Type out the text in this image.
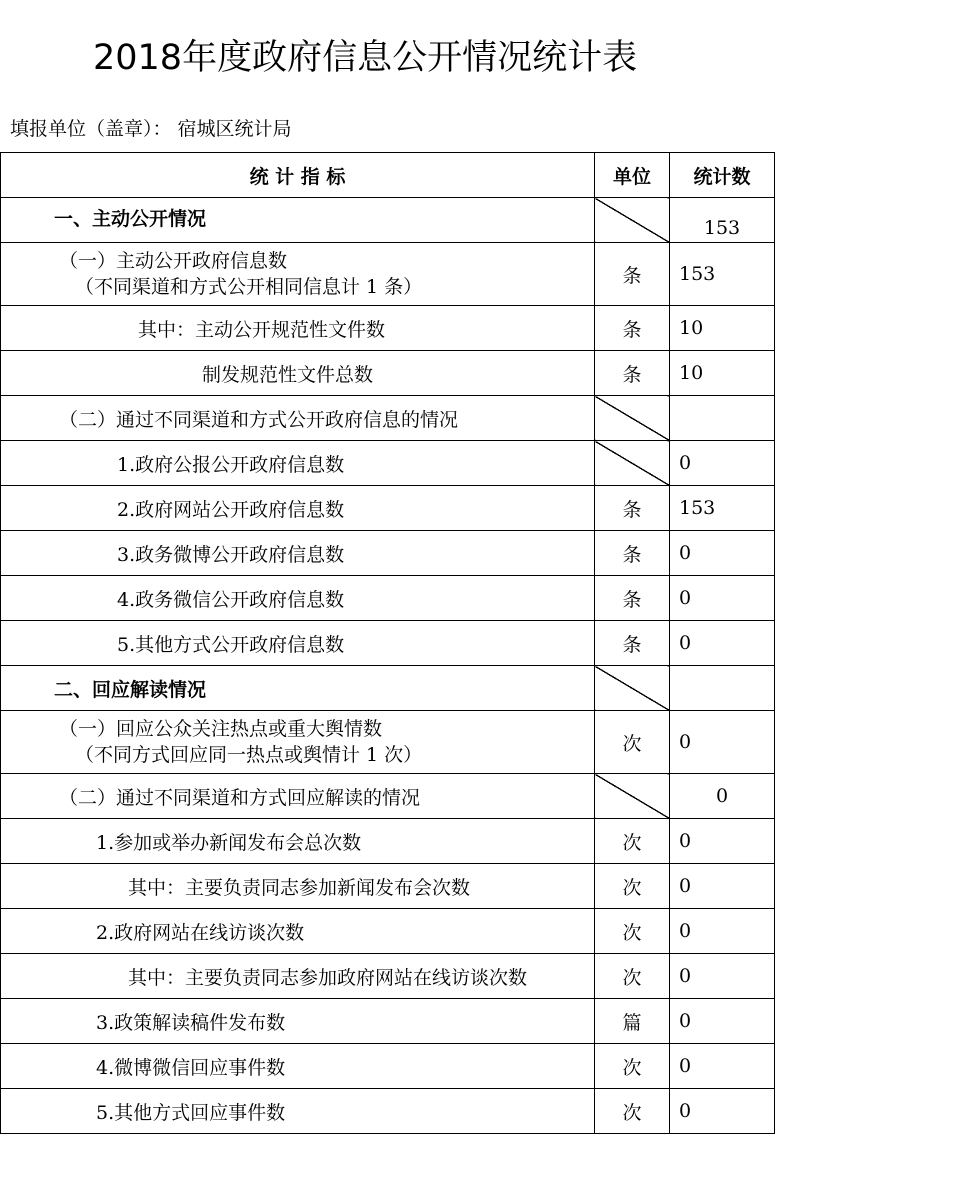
2018年度政府信息公开情况统计表
填报单位（盖章）： 宿城区统计局
统 计 指 标	单位	统计数
一、主动公开情况		153

（一）主动公开政府信息数
（不同渠道和方式公开相同信息计 1 条）	条	153
其中：主动公开规范性文件数	条	10
制发规范性文件总数	条	10
（二）通过不同渠道和方式公开政府信息的情况		
1.政府公报公开政府信息数		0
2.政府网站公开政府信息数	条	153
3.政务微博公开政府信息数	条	0
4.政务微信公开政府信息数	条	0
5.其他方式公开政府信息数	条	0
二、回应解读情况		

（一）回应公众关注热点或重大舆情数
（不同方式回应同一热点或舆情计 1 次）	次	0
（二）通过不同渠道和方式回应解读的情况		0
1.参加或举办新闻发布会总次数	次	0
其中：主要负责同志参加新闻发布会次数	次	0
2.政府网站在线访谈次数	次	0
其中：主要负责同志参加政府网站在线访谈次数	次	0
3.政策解读稿件发布数	篇	0
4.微博微信回应事件数	次	0
5.其他方式回应事件数	次	0
